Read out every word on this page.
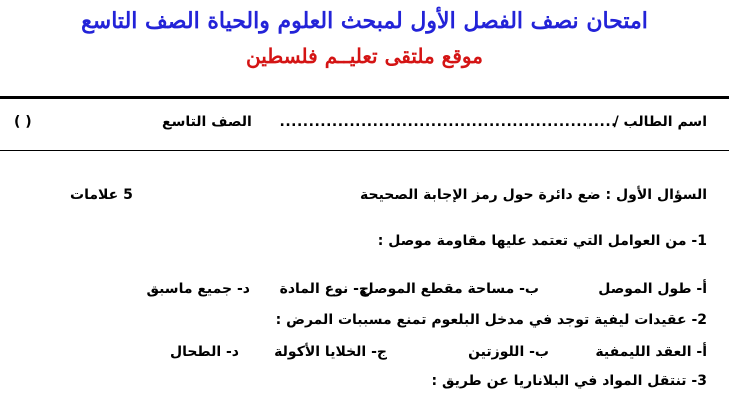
امتحان نصف الفصل الأول لمبحث العلوم والحياة الصف التاسع
موقع ملتقى تعليــم فلسطين
اسم الطالب /
..........................................................
الصف التاسع
( )
السؤال الأول : ضع دائرة حول رمز الإجابة الصحيحة
5 علامات
1- من العوامل التي تعتمد عليها مقاومة موصل :
أ- طول الموصل
ب- مساحة مقطع الموصل
ج- نوع المادة
د- جميع ماسبق
2- عقيدات ليفية توجد في مدخل البلعوم تمنع مسببات المرض :
أ- العقد الليمفية
ب- اللوزتين
ج- الخلايا الأكولة
د- الطحال
3- تنتقل المواد في البلاناريا عن طريق :
